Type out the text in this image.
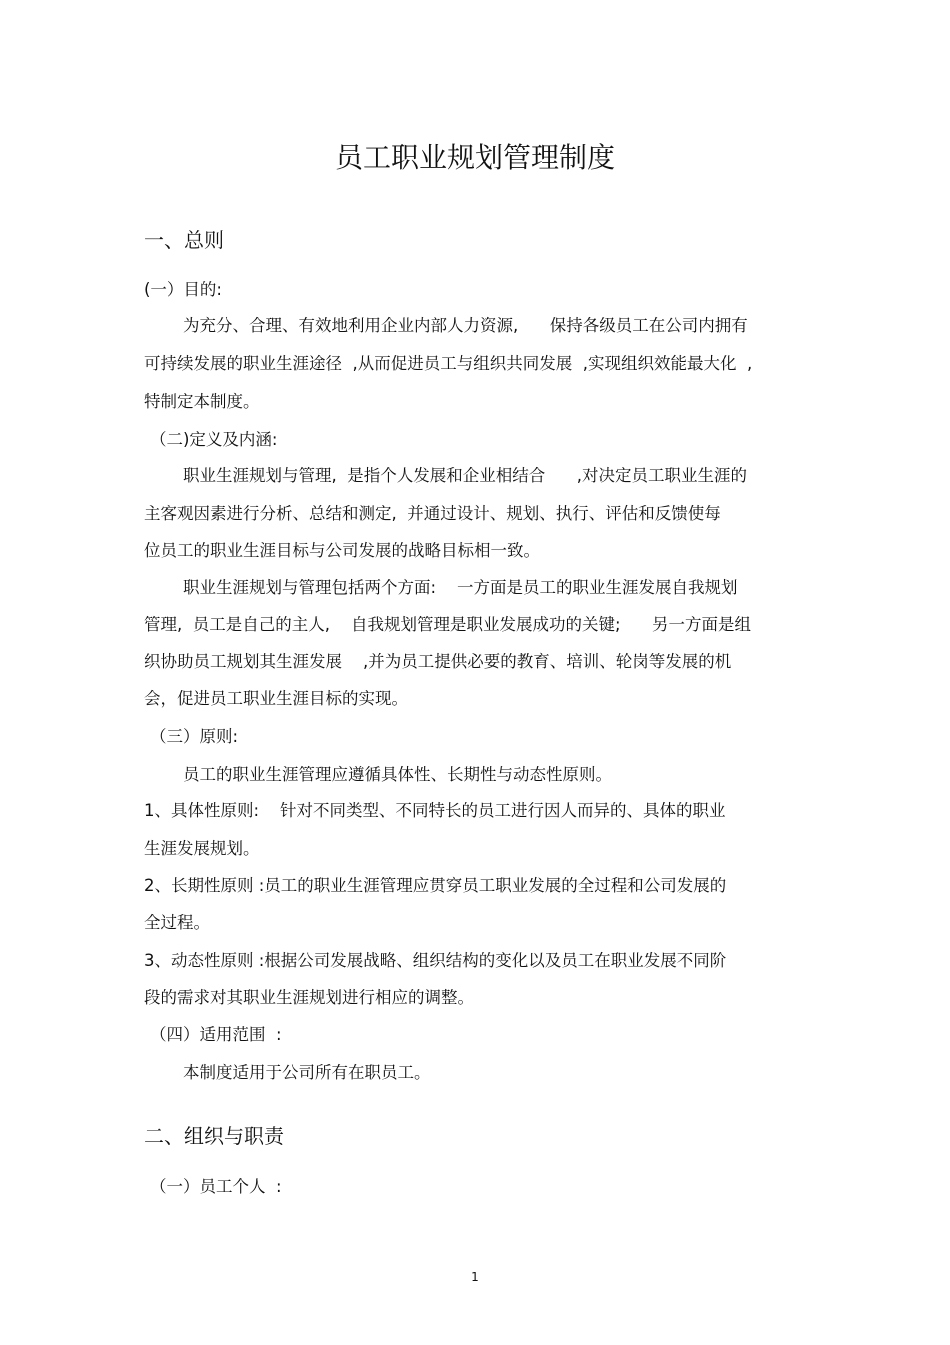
员工职业规划管理制度
一、总则
(一）目的:
为充分、合理、有效地利用企业内部人力资源,      保持各级员工在公司内拥有
可持续发展的职业生涯途径  ,从而促进员工与组织共同发展  ,实现组织效能最大化  ,
特制定本制度。
（二)定义及内涵:
职业生涯规划与管理,  是指个人发展和企业相结合      ,对决定员工职业生涯的
主客观因素进行分析、总结和测定,  并通过设计、规划、执行、评估和反馈使每
位员工的职业生涯目标与公司发展的战略目标相一致。
职业生涯规划与管理包括两个方面:    一方面是员工的职业生涯发展自我规划
管理,  员工是自己的主人,    自我规划管理是职业发展成功的关键;      另一方面是组
织协助员工规划其生涯发展    ,并为员工提供必要的教育、培训、轮岗等发展的机
会，促进员工职业生涯目标的实现。
（三）原则:
员工的职业生涯管理应遵循具体性、长期性与动态性原则。
1、具体性原则:    针对不同类型、不同特长的员工进行因人而异的、具体的职业
生涯发展规划。
2、长期性原则 :员工的职业生涯管理应贯穿员工职业发展的全过程和公司发展的
全过程。
3、动态性原则 :根据公司发展战略、组织结构的变化以及员工在职业发展不同阶
段的需求对其职业生涯规划进行相应的调整。
（四）适用范围  :
本制度适用于公司所有在职员工。
二、组织与职责
（一）员工个人  :
1
